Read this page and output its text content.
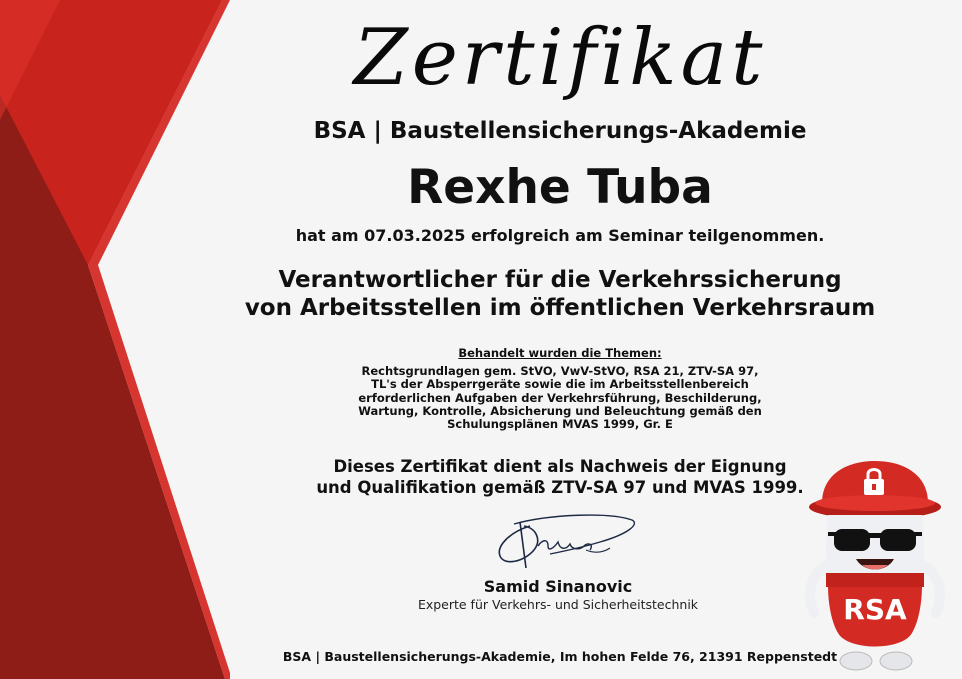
Zertifikat
BSA | Baustellensicherungs-Akademie
Rexhe Tuba
hat am 07.03.2025 erfolgreich am Seminar teilgenommen.
Verantwortlicher für die Verkehrssicherung
von Arbeitsstellen im öffentlichen Verkehrsraum
Behandelt wurden die Themen:
Rechtsgrundlagen gem. StVO, VwV-StVO, RSA 21, ZTV-SA 97,
TL's der Absperrgeräte sowie die im Arbeitsstellenbereich
erforderlichen Aufgaben der Verkehrsführung, Beschilderung,
Wartung, Kontrolle, Absicherung und Beleuchtung gemäß den
Schulungsplänen MVAS 1999, Gr. E
Dieses Zertifikat dient als Nachweis der Eignung
und Qualifikation gemäß ZTV-SA 97 und MVAS 1999.
Samid Sinanovic
Experte für Verkehrs- und Sicherheitstechnik
BSA | Baustellensicherungs-Akademie, Im hohen Felde 76, 21391 Reppenstedt
RSA
